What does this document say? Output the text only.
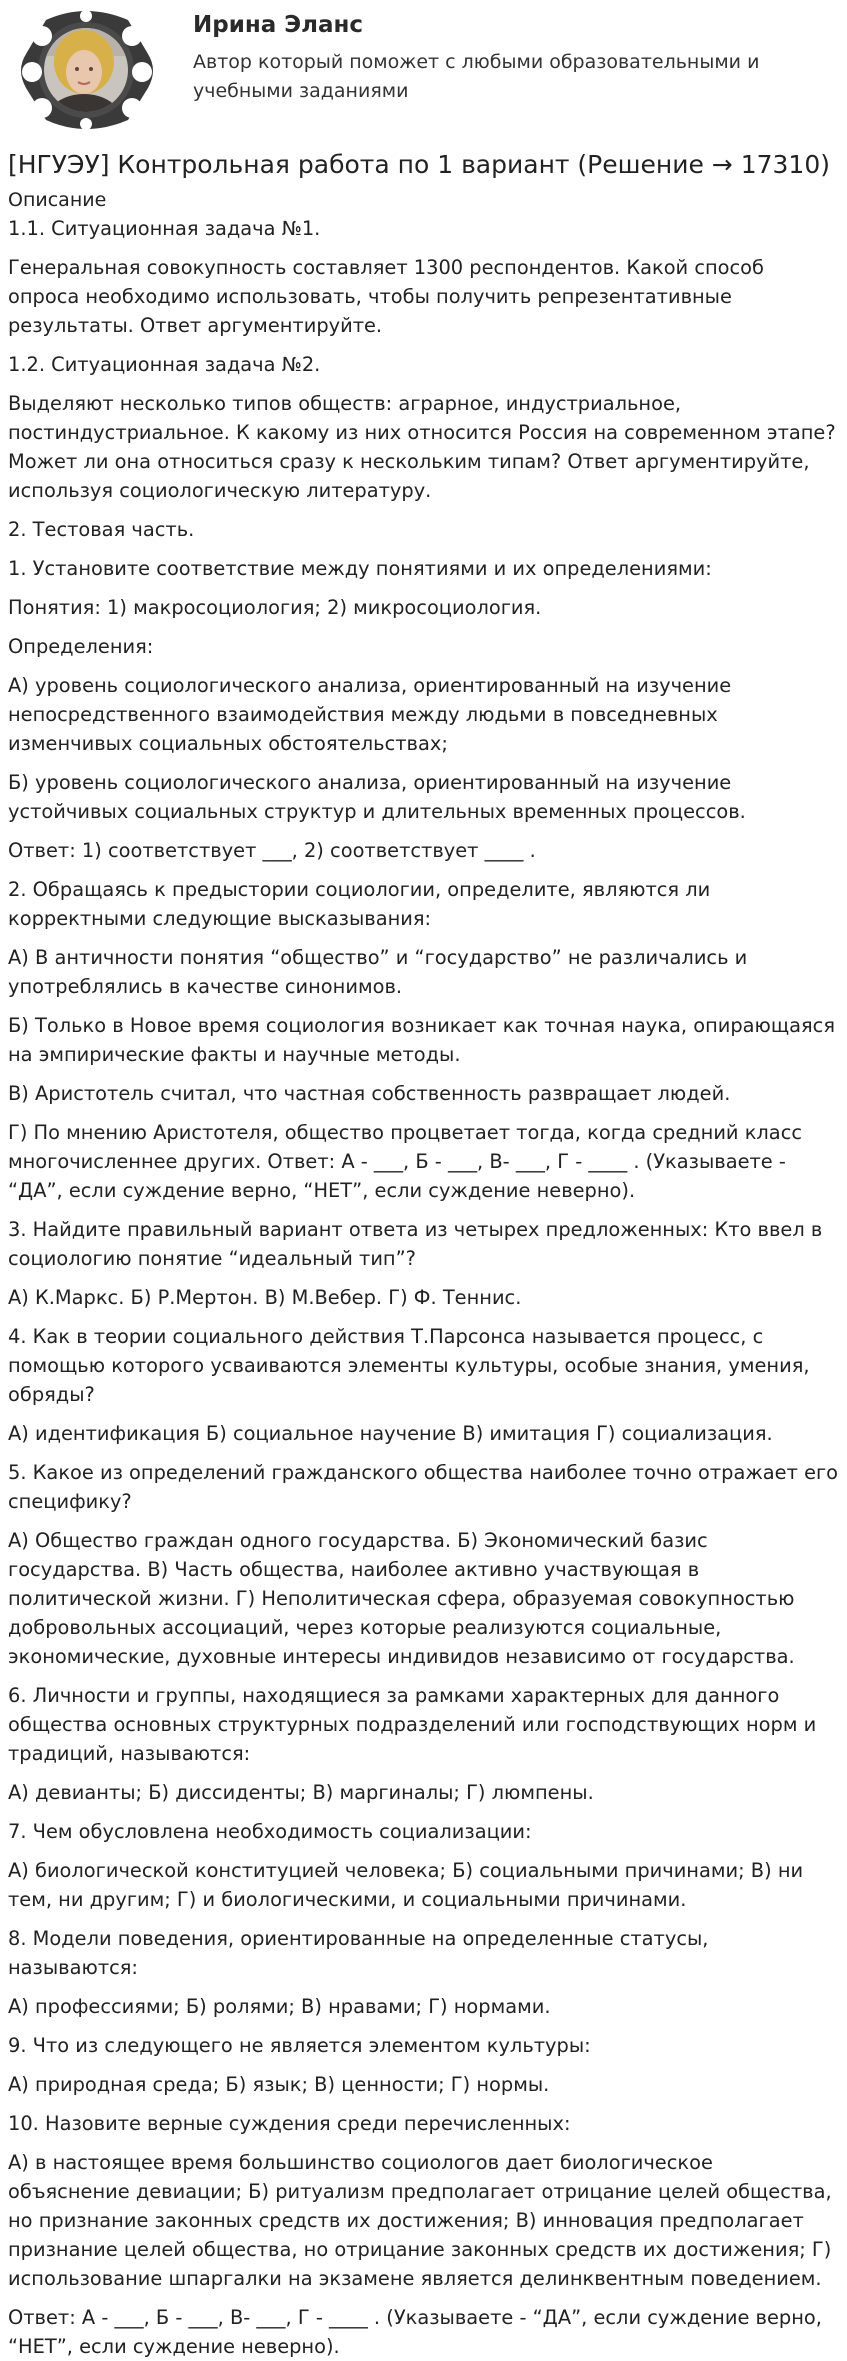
Ирина Эланс
Автор который поможет с любыми образовательными и учебными заданиями
[НГУЭУ] Контрольная работа по 1 вариант (Решение → 17310)
Описание

1.1. Ситуационная задача №1.

Генеральная совокупность составляет 1300 респондентов. Какой способ опроса необходимо использовать, чтобы получить репрезентативные результаты. Ответ аргументируйте.

1.2. Ситуационная задача №2.

Выделяют несколько типов обществ: аграрное, индустриальное, постиндустриальное. К какому из них относится Россия на современном этапе? Может ли она относиться сразу к нескольким типам? Ответ аргументируйте, используя социологическую литературу.

2. Тестовая часть.

1. Установите соответствие между понятиями и их определениями:

Понятия: 1) макросоциология; 2) микросоциология.

Определения:

А) уровень социологического анализа, ориентированный на изучение непосредственного взаимодействия между людьми в повседневных изменчивых социальных обстоятельствах;

Б) уровень социологического анализа, ориентированный на изучение устойчивых социальных структур и длительных временных процессов.

Ответ: 1) соответствует ___, 2) соответствует ____ .

2. Обращаясь к предыстории социологии, определите, являются ли корректными следующие высказывания:

А) В античности понятия “общество” и “государство” не различались и употреблялись в качестве синонимов.

Б) Только в Новое время социология возникает как точная наука, опирающаяся на эмпирические факты и научные методы.

В) Аристотель считал, что частная собственность развращает людей.

Г) По мнению Аристотеля, общество процветает тогда, когда средний класс многочисленнее других. Ответ: А - ___, Б - ___, В- ___, Г - ____ . (Указываете - “ДА”, если суждение верно, “НЕТ”, если суждение неверно).

3. Найдите правильный вариант ответа из четырех предложенных: Кто ввел в социологию понятие “идеальный тип”?

А) К.Маркс. Б) Р.Мертон. В) М.Вебер. Г) Ф. Теннис.

4. Как в теории социального действия Т.Парсонса называется процесс, с помощью которого усваиваются элементы культуры, особые знания, умения, обряды?

А) идентификация Б) социальное научение В) имитация Г) социализация.

5. Какое из определений гражданского общества наиболее точно отражает его специфику?

А) Общество граждан одного государства. Б) Экономический базис государства. В) Часть общества, наиболее активно участвующая в политической жизни. Г) Неполитическая сфера, образуемая совокупностью добровольных ассоциаций, через которые реализуются социальные, экономические, духовные интересы индивидов независимо от государства.

6. Личности и группы, находящиеся за рамками характерных для данного общества основных структурных подразделений или господствующих норм и традиций, называются:

А) девианты; Б) диссиденты; В) маргиналы; Г) люмпены.

7. Чем обусловлена необходимость социализации:

А) биологической конституцией человека; Б) социальными причинами; В) ни тем, ни другим; Г) и биологическими, и социальными причинами.

8. Модели поведения, ориентированные на определенные статусы, называются:

А) профессиями; Б) ролями; В) нравами; Г) нормами.

9. Что из следующего не является элементом культуры:

А) природная среда; Б) язык; В) ценности; Г) нормы.

10. Назовите верные суждения среди перечисленных:

А) в настоящее время большинство социологов дает биологическое объяснение девиации; Б) ритуализм предполагает отрицание целей общества, но признание законных средств их достижения; В) инновация предполагает признание целей общества, но отрицание законных средств их достижения; Г) использование шпаргалки на экзамене является делинквентным поведением.

Ответ: А - ___, Б - ___, В- ___, Г - ____ . (Указываете - “ДА”, если суждение верно, “НЕТ”, если суждение неверно).
